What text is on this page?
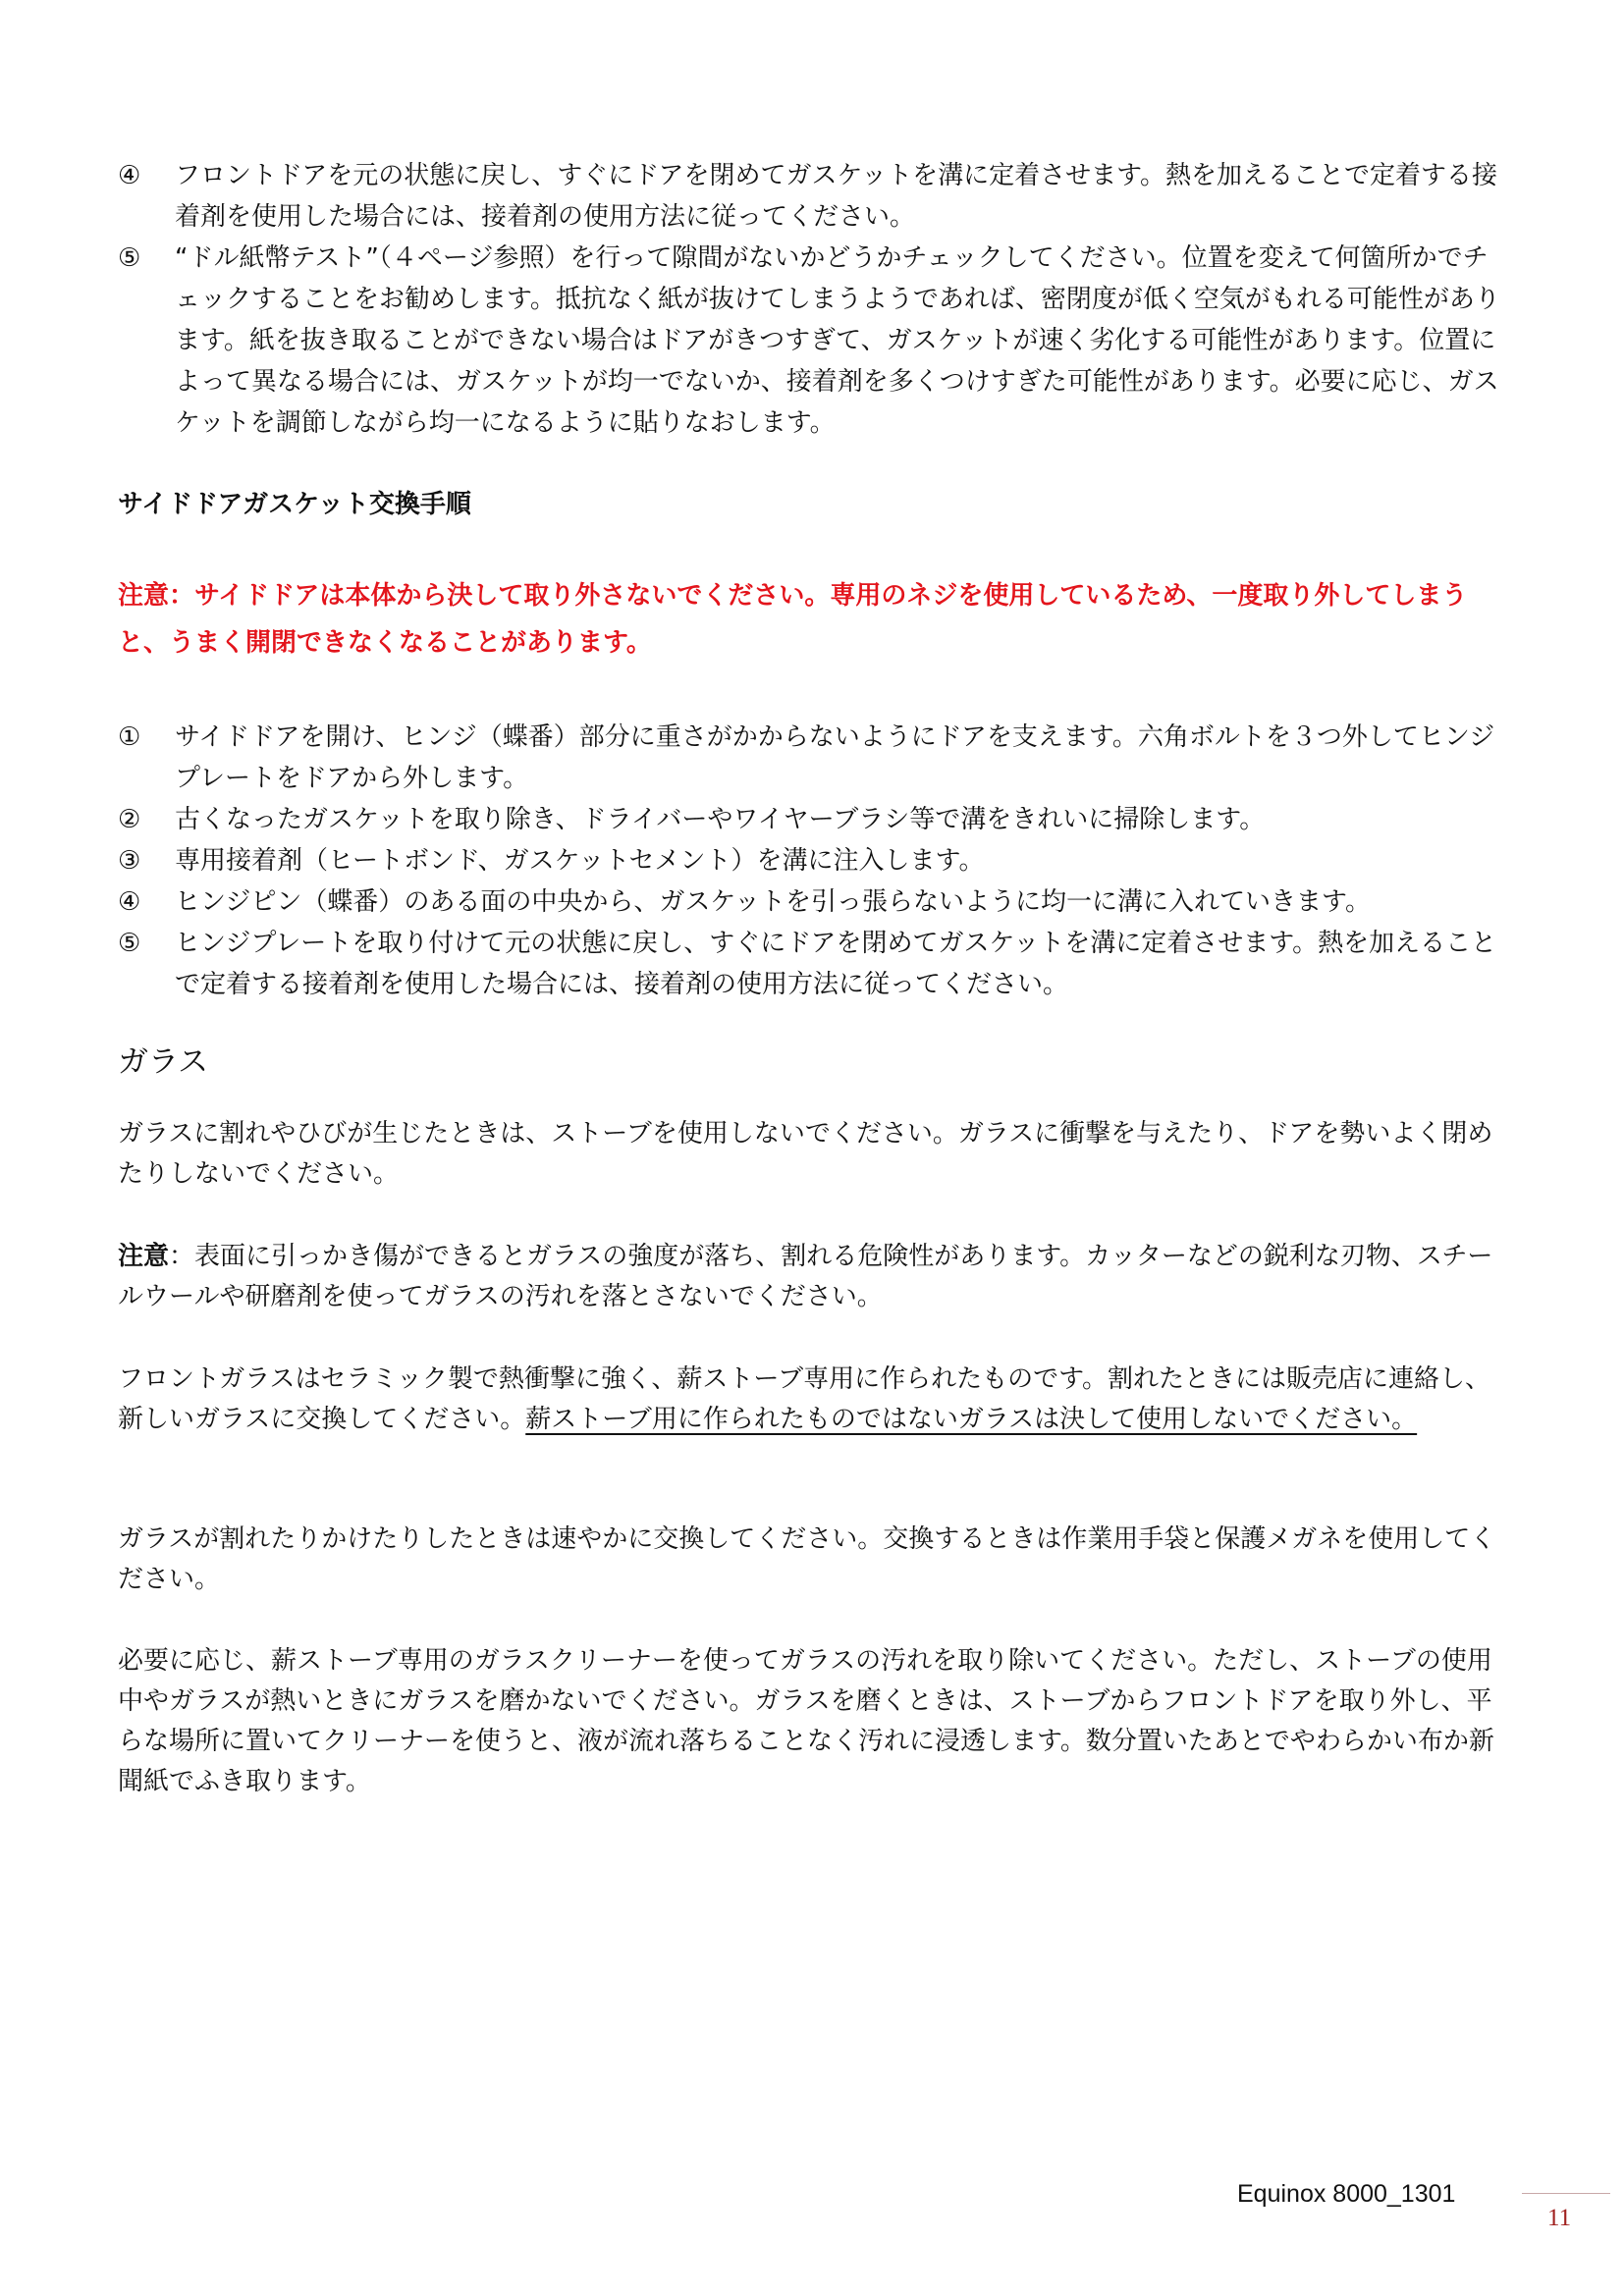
④	フロントドアを元の状態に戻し、すぐにドアを閉めてガスケットを溝に定着させます。熱を加えることで定着する接着剤を使用した場合には、接着剤の使用方法に従ってください。
⑤	“ドル紙幣テスト”（４ページ参照）を行って隙間がないかどうかチェックしてください。位置を変えて何箇所かでチェックすることをお勧めします。抵抗なく紙が抜けてしまうようであれば、密閉度が低く空気がもれる可能性があります。紙を抜き取ることができない場合はドアがきつすぎて、ガスケットが速く劣化する可能性があります。位置によって異なる場合には、ガスケットが均一でないか、接着剤を多くつけすぎた可能性があります。必要に応じ、ガスケットを調節しながら均一になるように貼りなおします。
サイドドアガスケット交換手順
注意：サイドドアは本体から決して取り外さないでください。専用のネジを使用しているため、一度取り外してしまうと、うまく開閉できなくなることがあります。
①	サイドドアを開け、ヒンジ（蝶番）部分に重さがかからないようにドアを支えます。六角ボルトを３つ外してヒンジプレートをドアから外します。
②	古くなったガスケットを取り除き、ドライバーやワイヤーブラシ等で溝をきれいに掃除します。
③	専用接着剤（ヒートボンド、ガスケットセメント）を溝に注入します。
④	ヒンジピン（蝶番）のある面の中央から、ガスケットを引っ張らないように均一に溝に入れていきます。
⑤	ヒンジプレートを取り付けて元の状態に戻し、すぐにドアを閉めてガスケットを溝に定着させます。熱を加えることで定着する接着剤を使用した場合には、接着剤の使用方法に従ってください。
ガラス
ガラスに割れやひびが生じたときは、ストーブを使用しないでください。ガラスに衝撃を与えたり、ドアを勢いよく閉めたりしないでください。
注意：表面に引っかき傷ができるとガラスの強度が落ち、割れる危険性があります。カッターなどの鋭利な刃物、スチールウールや研磨剤を使ってガラスの汚れを落とさないでください。
フロントガラスはセラミック製で熱衝撃に強く、薪ストーブ専用に作られたものです。割れたときには販売店に連絡し、新しいガラスに交換してください。薪ストーブ用に作られたものではないガラスは決して使用しないでください。
ガラスが割れたりかけたりしたときは速やかに交換してください。交換するときは作業用手袋と保護メガネを使用してください。
必要に応じ、薪ストーブ専用のガラスクリーナーを使ってガラスの汚れを取り除いてください。ただし、ストーブの使用中やガラスが熱いときにガラスを磨かないでください。ガラスを磨くときは、ストーブからフロントドアを取り外し、平らな場所に置いてクリーナーを使うと、液が流れ落ちることなく汚れに浸透します。数分置いたあとでやわらかい布か新聞紙でふき取ります。
Equinox 8000_1301
11
